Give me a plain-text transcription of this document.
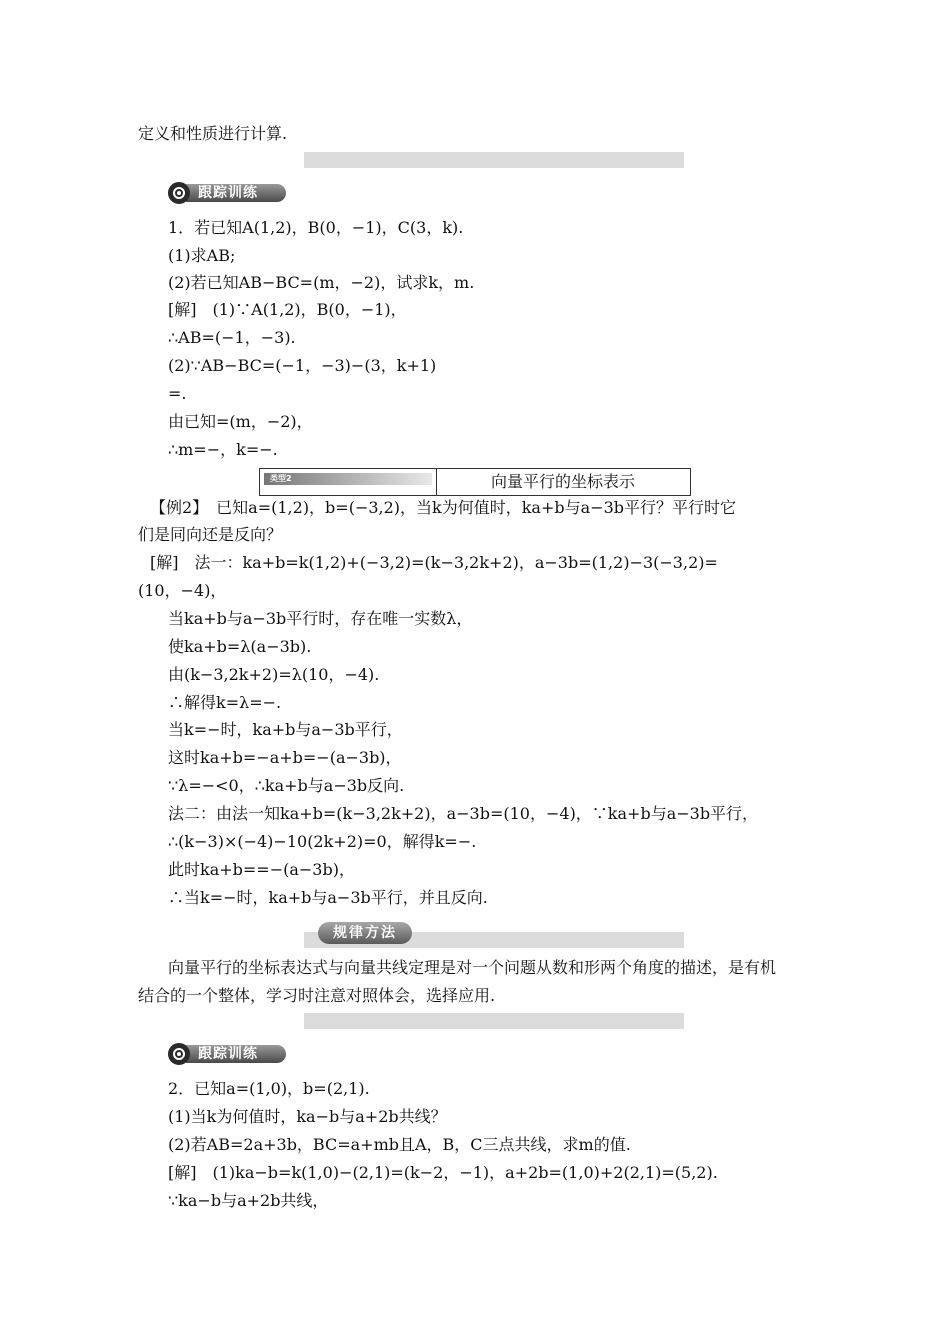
定义和性质进行计算.
跟踪训练
1．若已知A(1,2)，B(0，−1)，C(3，k).
(1)求AB;
(2)若已知AB−BC=(m，−2)，试求k，m.
[解]　(1)∵A(1,2)，B(0，−1)，
∴AB=(−1，−3).
(2)∵AB−BC=(−1，−3)−(3，k+1)
=.
由已知=(m，−2)，
∴m=−，k=−.
类型2	向量平行的坐标表示
【例2】　已知a=(1,2)，b=(−3,2)，当k为何值时，ka+b与a−3b平行？平行时它
们是同向还是反向？
[解]　法一：ka+b=k(1,2)+(−3,2)=(k−3,2k+2)，a−3b=(1,2)−3(−3,2)=
(10，−4)，
当ka+b与a−3b平行时，存在唯一实数λ，
使ka+b=λ(a−3b).
由(k−3,2k+2)=λ(10，−4).
∴解得k=λ=−.
当k=−时，ka+b与a−3b平行，
这时ka+b=−a+b=−(a−3b)，
∵λ=−<0，∴ka+b与a−3b反向.
法二：由法一知ka+b=(k−3,2k+2)，a−3b=(10，−4)，∵ka+b与a−3b平行，
∴(k−3)×(−4)−10(2k+2)=0，解得k=−.
此时ka+b==−(a−3b)，
∴当k=−时，ka+b与a−3b平行，并且反向.
规律方法
向量平行的坐标表达式与向量共线定理是对一个问题从数和形两个角度的描述，是有机
结合的一个整体，学习时注意对照体会，选择应用.
跟踪训练
2．已知a=(1,0)，b=(2,1).
(1)当k为何值时，ka−b与a+2b共线？
(2)若AB=2a+3b，BC=a+mb且A，B，C三点共线，求m的值.
[解]　(1)ka−b=k(1,0)−(2,1)=(k−2，−1)，a+2b=(1,0)+2(2,1)=(5,2).
∵ka−b与a+2b共线，
